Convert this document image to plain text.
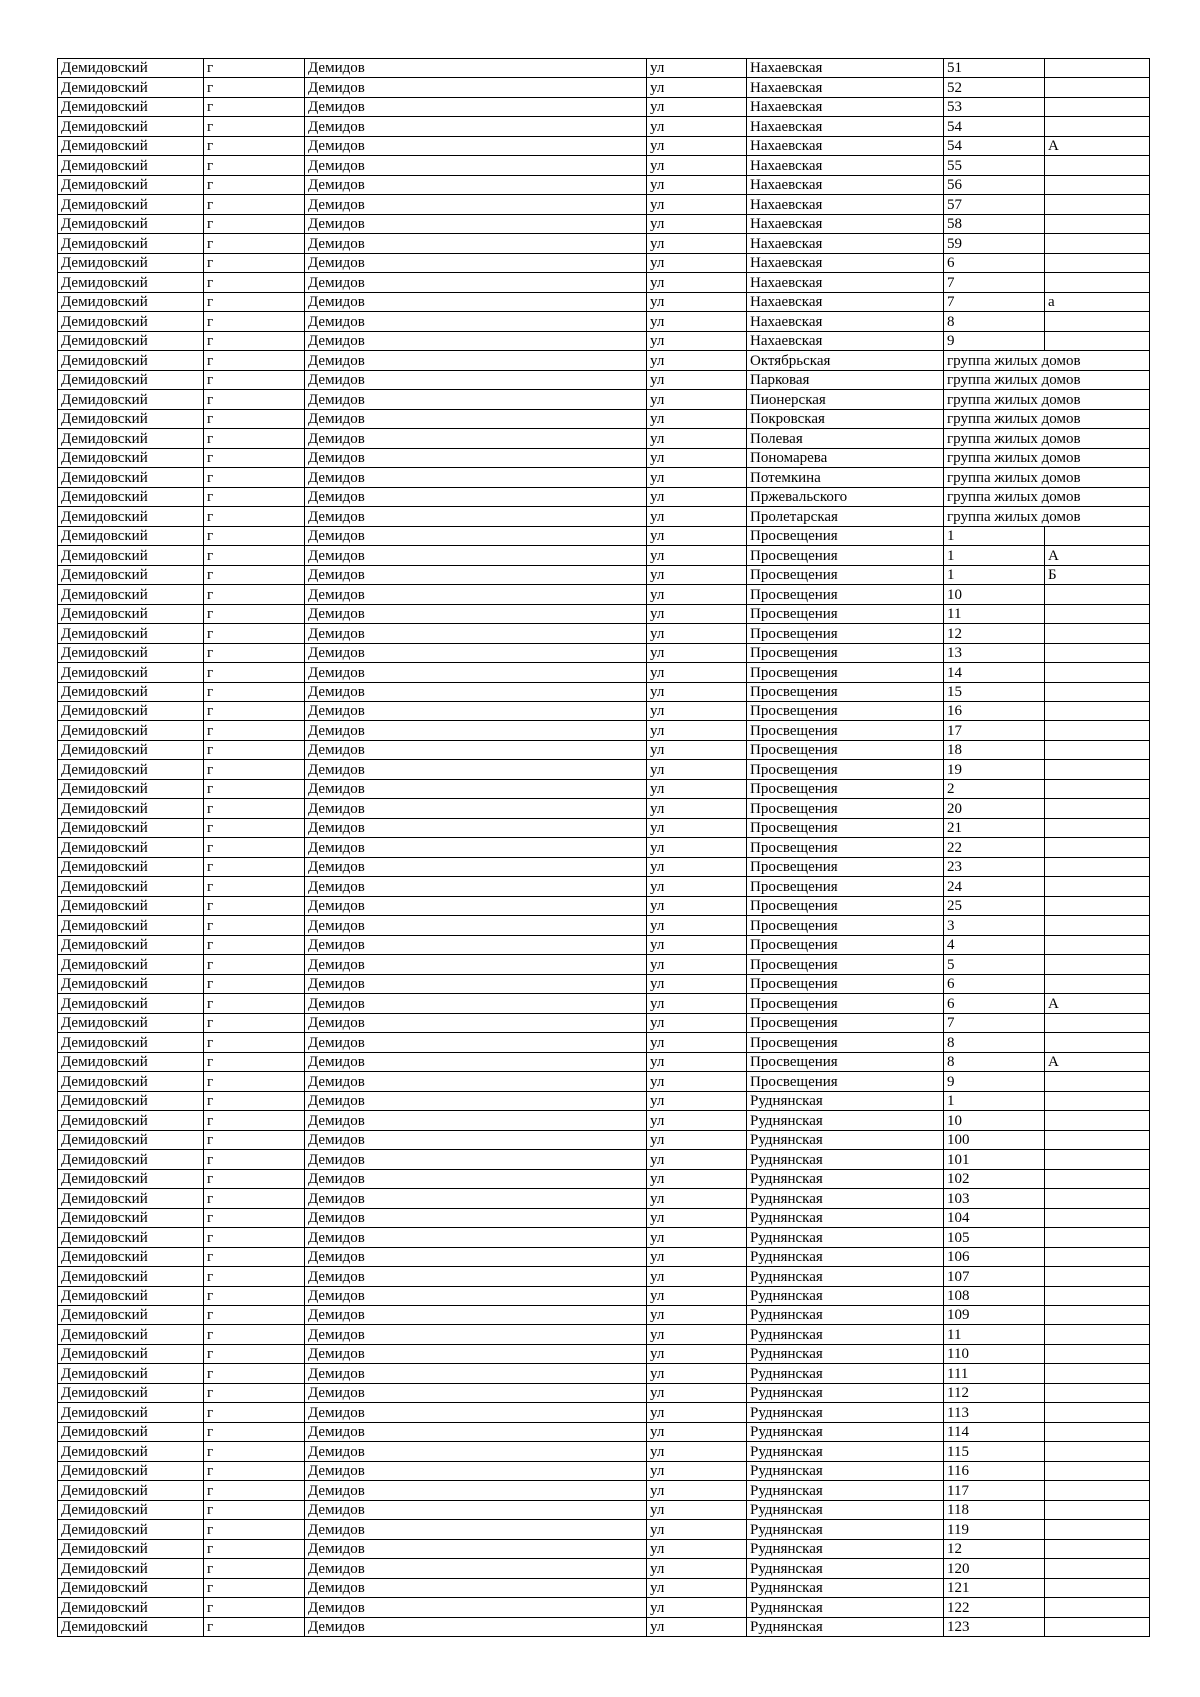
Демидовский	г	Демидов	ул	Нахаевская	51	
Демидовский	г	Демидов	ул	Нахаевская	52	
Демидовский	г	Демидов	ул	Нахаевская	53	
Демидовский	г	Демидов	ул	Нахаевская	54	
Демидовский	г	Демидов	ул	Нахаевская	54	А
Демидовский	г	Демидов	ул	Нахаевская	55	
Демидовский	г	Демидов	ул	Нахаевская	56	
Демидовский	г	Демидов	ул	Нахаевская	57	
Демидовский	г	Демидов	ул	Нахаевская	58	
Демидовский	г	Демидов	ул	Нахаевская	59	
Демидовский	г	Демидов	ул	Нахаевская	6	
Демидовский	г	Демидов	ул	Нахаевская	7	
Демидовский	г	Демидов	ул	Нахаевская	7	а
Демидовский	г	Демидов	ул	Нахаевская	8	
Демидовский	г	Демидов	ул	Нахаевская	9	
Демидовский	г	Демидов	ул	Октябрьская	группа жилых домов	
Демидовский	г	Демидов	ул	Парковая	группа жилых домов	
Демидовский	г	Демидов	ул	Пионерская	группа жилых домов	
Демидовский	г	Демидов	ул	Покровская	группа жилых домов	
Демидовский	г	Демидов	ул	Полевая	группа жилых домов	
Демидовский	г	Демидов	ул	Пономарева	группа жилых домов	
Демидовский	г	Демидов	ул	Потемкина	группа жилых домов	
Демидовский	г	Демидов	ул	Пржевальского	группа жилых домов	
Демидовский	г	Демидов	ул	Пролетарская	группа жилых домов	
Демидовский	г	Демидов	ул	Просвещения	1	
Демидовский	г	Демидов	ул	Просвещения	1	А
Демидовский	г	Демидов	ул	Просвещения	1	Б
Демидовский	г	Демидов	ул	Просвещения	10	
Демидовский	г	Демидов	ул	Просвещения	11	
Демидовский	г	Демидов	ул	Просвещения	12	
Демидовский	г	Демидов	ул	Просвещения	13	
Демидовский	г	Демидов	ул	Просвещения	14	
Демидовский	г	Демидов	ул	Просвещения	15	
Демидовский	г	Демидов	ул	Просвещения	16	
Демидовский	г	Демидов	ул	Просвещения	17	
Демидовский	г	Демидов	ул	Просвещения	18	
Демидовский	г	Демидов	ул	Просвещения	19	
Демидовский	г	Демидов	ул	Просвещения	2	
Демидовский	г	Демидов	ул	Просвещения	20	
Демидовский	г	Демидов	ул	Просвещения	21	
Демидовский	г	Демидов	ул	Просвещения	22	
Демидовский	г	Демидов	ул	Просвещения	23	
Демидовский	г	Демидов	ул	Просвещения	24	
Демидовский	г	Демидов	ул	Просвещения	25	
Демидовский	г	Демидов	ул	Просвещения	3	
Демидовский	г	Демидов	ул	Просвещения	4	
Демидовский	г	Демидов	ул	Просвещения	5	
Демидовский	г	Демидов	ул	Просвещения	6	
Демидовский	г	Демидов	ул	Просвещения	6	А
Демидовский	г	Демидов	ул	Просвещения	7	
Демидовский	г	Демидов	ул	Просвещения	8	
Демидовский	г	Демидов	ул	Просвещения	8	А
Демидовский	г	Демидов	ул	Просвещения	9	
Демидовский	г	Демидов	ул	Руднянская	1	
Демидовский	г	Демидов	ул	Руднянская	10	
Демидовский	г	Демидов	ул	Руднянская	100	
Демидовский	г	Демидов	ул	Руднянская	101	
Демидовский	г	Демидов	ул	Руднянская	102	
Демидовский	г	Демидов	ул	Руднянская	103	
Демидовский	г	Демидов	ул	Руднянская	104	
Демидовский	г	Демидов	ул	Руднянская	105	
Демидовский	г	Демидов	ул	Руднянская	106	
Демидовский	г	Демидов	ул	Руднянская	107	
Демидовский	г	Демидов	ул	Руднянская	108	
Демидовский	г	Демидов	ул	Руднянская	109	
Демидовский	г	Демидов	ул	Руднянская	11	
Демидовский	г	Демидов	ул	Руднянская	110	
Демидовский	г	Демидов	ул	Руднянская	111	
Демидовский	г	Демидов	ул	Руднянская	112	
Демидовский	г	Демидов	ул	Руднянская	113	
Демидовский	г	Демидов	ул	Руднянская	114	
Демидовский	г	Демидов	ул	Руднянская	115	
Демидовский	г	Демидов	ул	Руднянская	116	
Демидовский	г	Демидов	ул	Руднянская	117	
Демидовский	г	Демидов	ул	Руднянская	118	
Демидовский	г	Демидов	ул	Руднянская	119	
Демидовский	г	Демидов	ул	Руднянская	12	
Демидовский	г	Демидов	ул	Руднянская	120	
Демидовский	г	Демидов	ул	Руднянская	121	
Демидовский	г	Демидов	ул	Руднянская	122	
Демидовский	г	Демидов	ул	Руднянская	123	
